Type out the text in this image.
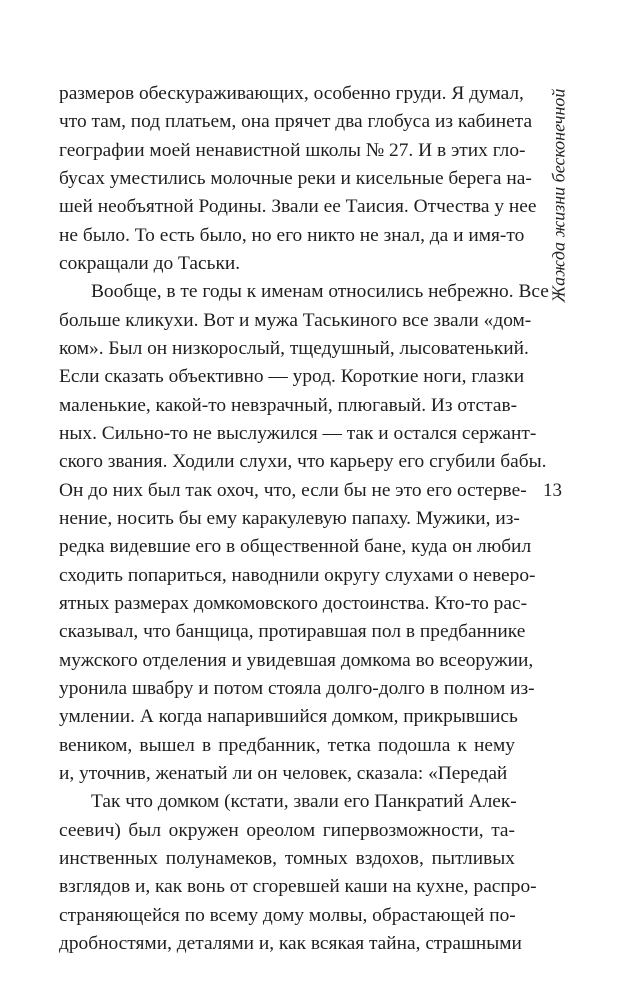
размеров обескураживающих, особенно груди. Я думал,
что там, под платьем, она прячет два глобуса из кабинета
географии моей ненавистной школы № 27. И в этих гло-
бусах уместились молочные реки и кисельные берега на-
шей необъятной Родины. Звали ее Таисия. Отчества у нее
не было. То есть было, но его никто не знал, да и имя-то
сокращали до Таськи.
Вообще, в те годы к именам относились небрежно. Все
больше кликухи. Вот и мужа Таськиного все звали «дом-
ком». Был он низкорослый, тщедушный, лысоватенький.
Если сказать объективно — урод. Короткие ноги, глазки
маленькие, какой-то невзрачный, плюгавый. Из отстав-
ных. Сильно-то не выслужился — так и остался сержант-
ского звания. Ходили слухи, что карьеру его сгубили бабы.
Он до них был так охоч, что, если бы не это его остерве-
нение, носить бы ему каракулевую папаху. Мужики, из-
редка видевшие его в общественной бане, куда он любил
сходить попариться, наводнили округу слухами о неверо-
ятных размерах домкомовского достоинства. Кто-то рас-
сказывал, что банщица, протиравшая пол в предбаннике
мужского отделения и увидевшая домкома во всеоружии,
уронила швабру и потом стояла долго-долго в полном из-
умлении. А когда напарившийся домком, прикрывшись
веником, вышел в предбанник, тетка подошла к нему
и, уточнив, женатый ли он человек, сказала: «Передай
Так что домком (кстати, звали его Панкратий Алек-
сеевич) был окружен ореолом гипервозможности, та-
инственных полунамеков, томных вздохов, пытливых
взглядов и, как вонь от сгоревшей каши на кухне, распро-
страняющейся по всему дому молвы, обрастающей по-
дробностями, деталями и, как всякая тайна, страшными
Жажда жизни бесконечной
13
